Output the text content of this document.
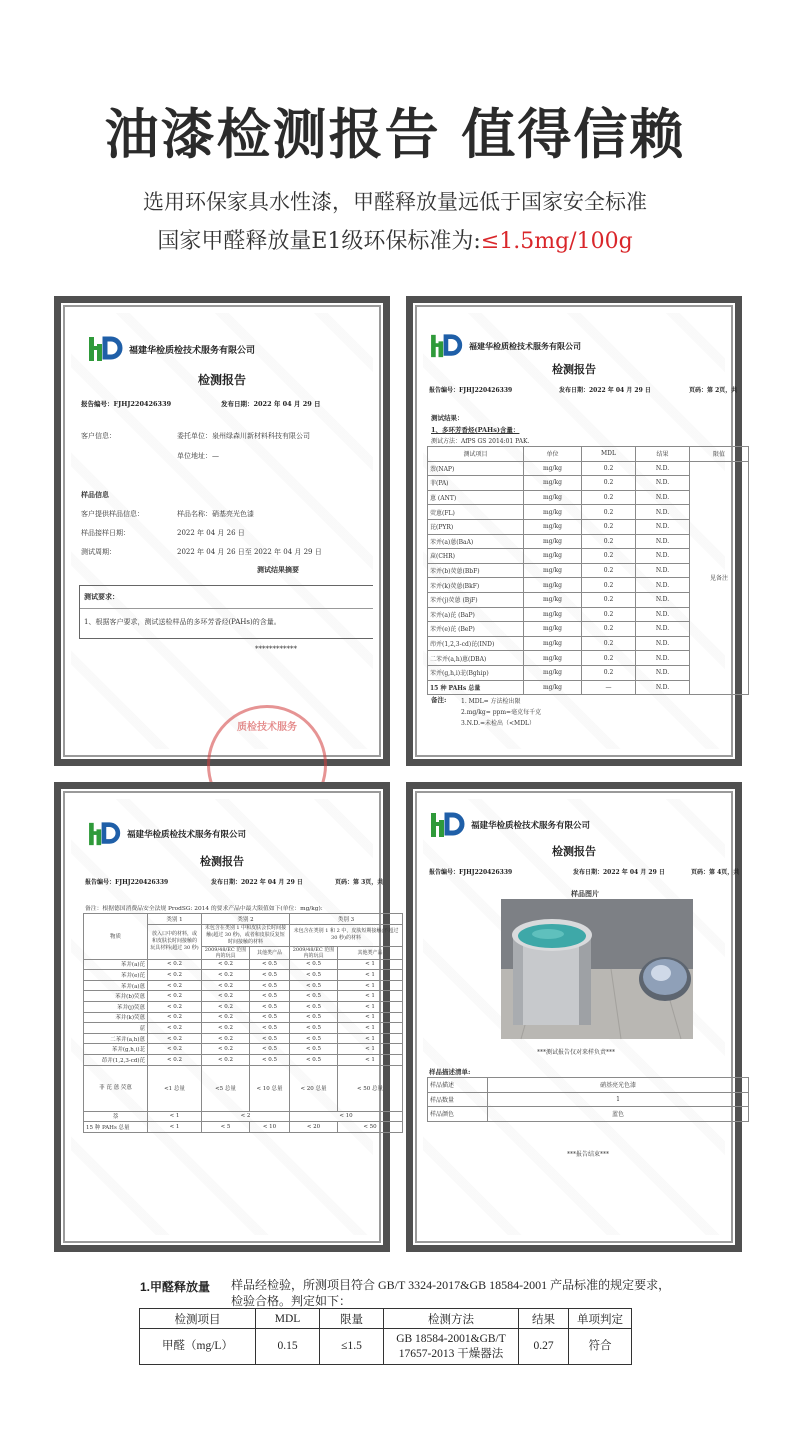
油漆检测报告 值得信赖
选用环保家具水性漆，甲醛释放量远低于国家安全标准
国家甲醛释放量E1级环保标准为:≤1.5mg/100g
福建华检质检技术服务有限公司
检测报告
报告编号：FJHJ220426339	发布日期：2022 年 04 月 29 日
客户信息：	委托单位：泉州绿森川新材料科技有限公司
单位地址：—
样品信息
客户提供样品信息：	样品名称：硝基亮光色漆
样品接样日期：	2022 年 04 月 26 日
测试周期：	2022 年 04 月 26 日至 2022 年 04 月 29 日
测试结果摘要
测试要求：
1、根据客户要求，测试送检样品的多环芳香烃(PAHs)的含量。
************
质检技术服务
福建华检质检技术服务有限公司
检测报告
报告编号：FJHJ220426339	发布日期：2022 年 04 月 29 日	页码：第 2页，共
测试结果：
1、多环芳香烃(PAHs)含量：
测试方法：AfPS GS 2014:01 PAK.
测试项目	单位	MDL	结果	限值
萘(NAP)	mg/kg	0.2	N.D.	见备注
菲(PA)	mg/kg	0.2	N.D.	
蒽 (ANT)	mg/kg	0.2	N.D.	
荧蒽(FL)	mg/kg	0.2	N.D.	
芘(PYR)	mg/kg	0.2	N.D.	
苯并(a)蒽(BaA)	mg/kg	0.2	N.D.	
䓛(CHR)	mg/kg	0.2	N.D.	
苯并(b)荧蒽(BbF)	mg/kg	0.2	N.D.	
苯并(k)荧蒽(BkF)	mg/kg	0.2	N.D.	
苯并(j)荧蒽 (BjF)	mg/kg	0.2	N.D.	
苯并(a)芘 (BaP)	mg/kg	0.2	N.D.	
苯并(e)芘 (BeP)	mg/kg	0.2	N.D.	
茚并(1,2,3-cd)芘(IND)	mg/kg	0.2	N.D.	
二苯并(a,h)蒽(DBA)	mg/kg	0.2	N.D.	
苯并(g,h,i)苝(Bghip)	mg/kg	0.2	N.D.	
15 种 PAHs 总量	mg/kg	—	N.D.	
备注: 1. MDL= 方法检出限
2.mg/kg= ppm=毫克每千克
3.N.D.=未检出（<MDL）
福建华检质检技术服务有限公司
检测报告
报告编号：FJHJ220426339	发布日期：2022 年 04 月 29 日	页码：第 3页，共
备注：根据德国消费品安全法规 ProdSG: 2014 的要求产品中最大限值如下(单位：mg/kg):
物质	类别 1	类别 2		类别 3	
	放入口中的材料，或和皮肤长时间接触的玩具材料(超过 30 秒)	未包含在类别 1 中和皮肤会长时间接触(超过 30 秒)，或者和皮肤反复短时间接触的材料		未包含在类别 1 和 2 中，皮肤短期接触(不超过 30 秒)的材料	
		2009/48/EC 范围内的玩具	其他类产品	2009/48/EC 范围内的玩具	其他类产品
苯并(a)芘	< 0.2	< 0.2	< 0.5	< 0.5	< 1
苯并(e)芘	< 0.2	< 0.2	< 0.5	< 0.5	< 1
苯并(a)蒽	< 0.2	< 0.2	< 0.5	< 0.5	< 1
苯并(b)荧蒽	< 0.2	< 0.2	< 0.5	< 0.5	< 1
苯并(j)荧蒽	< 0.2	< 0.2	< 0.5	< 0.5	< 1
苯并(k)荧蒽	< 0.2	< 0.2	< 0.5	< 0.5	< 1
䓛	< 0.2	< 0.2	< 0.5	< 0.5	< 1
二苯并(a,h)蒽	< 0.2	< 0.2	< 0.5	< 0.5	< 1
苯并(g,h,i)苝	< 0.2	< 0.2	< 0.5	< 0.5	< 1
茚并(1,2,3-cd)芘	< 0.2	< 0.2	< 0.5	< 0.5	< 1
菲 芘 蒽 荧蒽	<1 总量	<5 总量	< 10 总量	< 20 总量	< 50 总量
萘	< 1	< 2		< 10	
15 种 PAHs 总量	< 1	< 5	< 10	< 20	< 50
福建华检质检技术服务有限公司
检测报告
报告编号：FJHJ220426339	发布日期：2022 年 04 月 29 日	页码：第 4页，共
样品图片
***测试报告仅对来样负责***
样品描述清单:
样品描述	硝基亮光色漆
样品数量	1
样品颜色	蓝色
***报告结束***
1.甲醛释放量 样品经检验，所测项目符合 GB/T 3324-2017&GB 18584-2001 产品标准的规定要求，检验合格。判定如下：
检测项目	MDL	限量	检测方法	结果	单项判定
甲醛（mg/L）	0.15	≤1.5	GB 18584-2001&GB/T 17657-2013 干燥器法	0.27	符合
